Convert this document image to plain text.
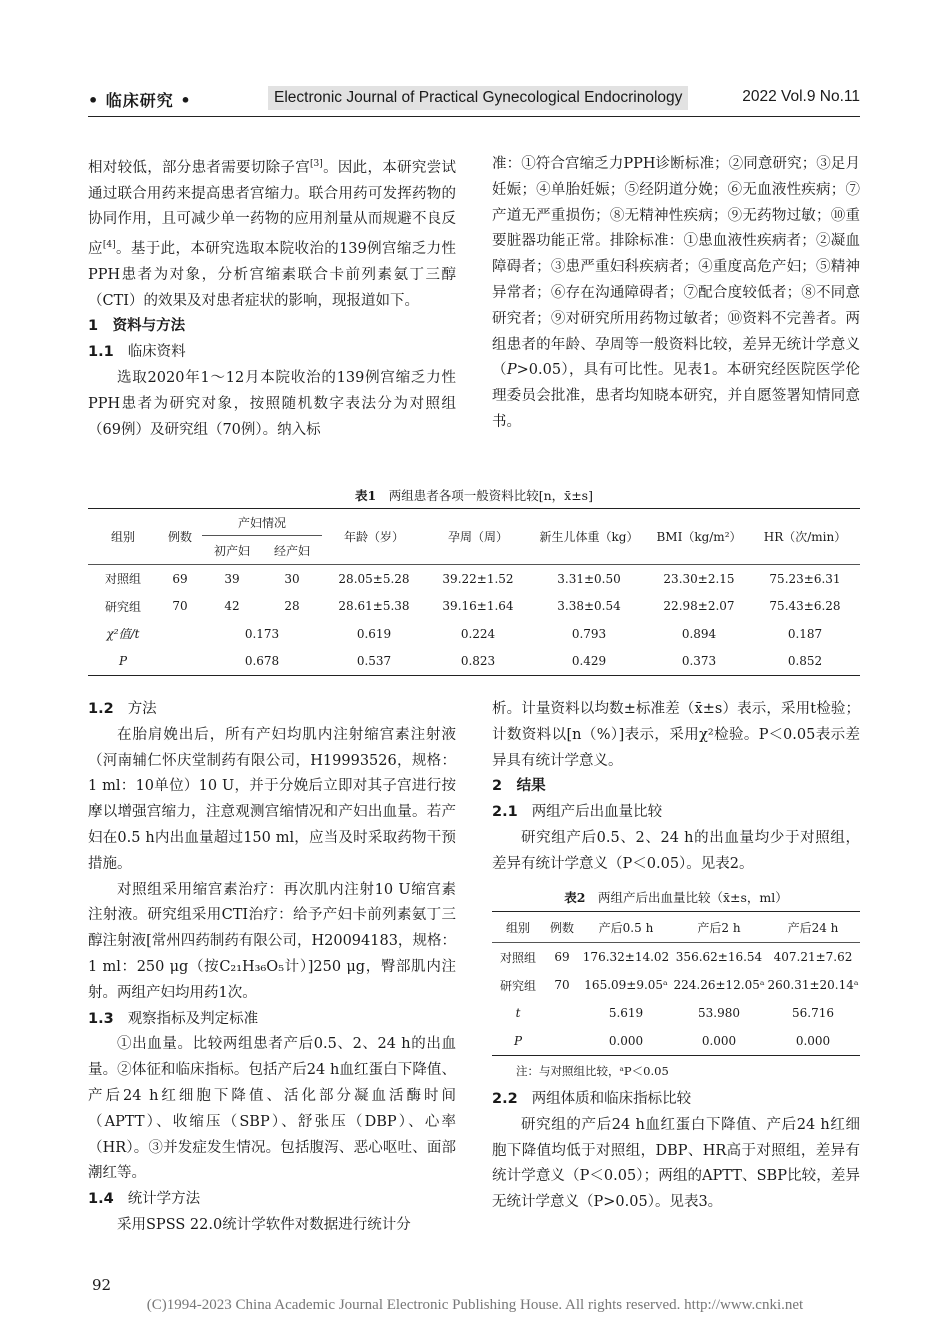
• 临床研究 •	Electronic Journal of Practical Gynecological Endocrinology	2022 Vol.9 No.11

相对较低，部分患者需要切除子宫[3]。因此，本研究尝试通过联合用药来提高患者宫缩力。联合用药可发挥药物的协同作用，且可减少单一药物的应用剂量从而规避不良反应[4]。基于此，本研究选取本院收治的139例宫缩乏力性PPH患者为对象，分析宫缩素联合卡前列素氨丁三醇（CTI）的效果及对患者症状的影响，现报道如下。

1　资料与方法

1.1 临床资料

选取2020年1～12月本院收治的139例宫缩乏力性PPH患者为研究对象，按照随机数字表法分为对照组（69例）及研究组（70例）。纳入标

准：①符合宫缩乏力PPH诊断标准；②同意研究；③足月妊娠；④单胎妊娠；⑤经阴道分娩；⑥无血液性疾病；⑦产道无严重损伤；⑧无精神性疾病；⑨无药物过敏；⑩重要脏器功能正常。排除标准：①患血液性疾病者；②凝血障碍者；③患严重妇科疾病者；④重度高危产妇；⑤精神异常者；⑥存在沟通障碍者；⑦配合度较低者；⑧不同意研究者；⑨对研究所用药物过敏者；⑩资料不完善者。两组患者的年龄、孕周等一般资料比较，差异无统计学意义（P>0.05），具有可比性。见表1。本研究经医院医学伦理委员会批准，患者均知晓本研究，并自愿签署知情同意书。

表1　 两组患者各项一般资料比较[n，x̄±s]
组别	例数	产妇情况		年龄（岁）	孕周（周）	新生儿体重（kg）	BMI（kg/m²）	HR（次/min）
		初产妇	经产妇					
对照组	69	39	30	28.05±5.28	39.22±1.52	3.31±0.50	23.30±2.15	75.23±6.31
研究组	70	42	28	28.61±5.38	39.16±1.64	3.38±0.54	22.98±2.07	75.43±6.28
χ²值/t		0.173		0.619	0.224	0.793	0.894	0.187
P		0.678		0.537	0.823	0.429	0.373	0.852

1.2 方法

在胎肩娩出后，所有产妇均肌内注射缩宫素注射液（河南辅仁怀庆堂制药有限公司，H19993526，规格：1 ml：10单位）10 U，并于分娩后立即对其子宫进行按摩以增强宫缩力，注意观测宫缩情况和产妇出血量。若产妇在0.5 h内出血量超过150 ml，应当及时采取药物干预措施。

对照组采用缩宫素治疗：再次肌内注射10 U缩宫素注射液。研究组采用CTI治疗：给予产妇卡前列素氨丁三醇注射液[常州四药制药有限公司，H20094183，规格：1 ml：250 μg（按C₂₁H₃₆O₅计）]250 μg，臀部肌内注射。两组产妇均用药1次。

1.3 观察指标及判定标准

①出血量。比较两组患者产后0.5、2、24 h的出血量。②体征和临床指标。包括产后24 h血红蛋白下降值、产后24 h红细胞下降值、活化部分凝血活酶时间（APTT）、收缩压（SBP）、舒张压（DBP）、心率（HR）。③并发症发生情况。包括腹泻、恶心呕吐、面部潮红等。

1.4 统计学方法

采用SPSS 22.0统计学软件对数据进行统计分

析。计量资料以均数±标准差（x̄±s）表示，采用t检验；计数资料以[n（%）]表示，采用χ²检验。P＜0.05表示差异具有统计学意义。

2　结果

2.1 两组产后出血量比较

研究组产后0.5、2、24 h的出血量均少于对照组，差异有统计学意义（P＜0.05）。见表2。

表2　 两组产后出血量比较（x̄±s，ml）
组别	例数	产后0.5 h	产后2 h	产后24 h
对照组	69	176.32±14.02	356.62±16.54	407.21±7.62
研究组	70	165.09±9.05ᵃ	224.26±12.05ᵃ	260.31±20.14ᵃ
t		5.619	53.980	56.716
P		0.000	0.000	0.000
注：与对照组比较，ᵃP＜0.05

2.2 两组体质和临床指标比较

研究组的产后24 h血红蛋白下降值、产后24 h红细胞下降值均低于对照组，DBP、HR高于对照组，差异有统计学意义（P＜0.05）；两组的APTT、SBP比较，差异无统计学意义（P>0.05）。见表3。

92
(C)1994-2023 China Academic Journal Electronic Publishing House. All rights reserved. http://www.cnki.net
